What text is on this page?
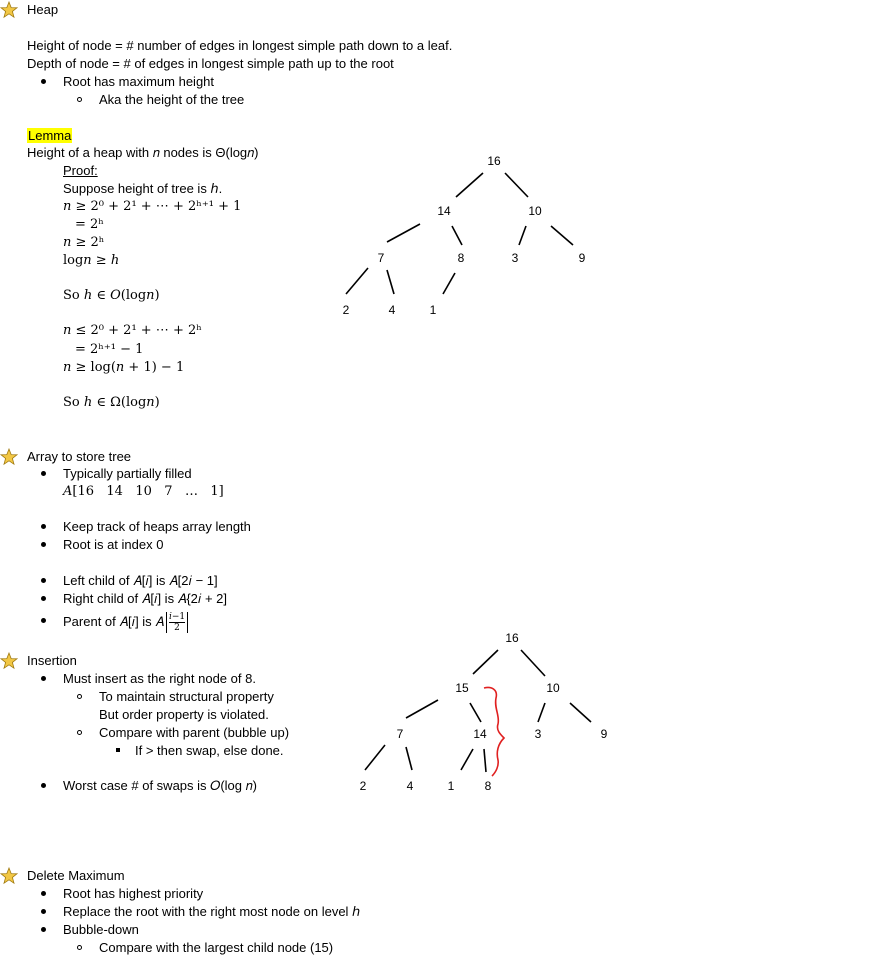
Heap
Height of node = # number of edges in longest simple path down to a leaf.
Depth of node = # of edges in longest simple path up to the root
Root has maximum height
Aka the height of the tree
Lemma
Height of a heap with 𝑛 nodes is Θ(log𝑛)
Proof:
Suppose height of tree is ℎ.
𝑛 ≥ 2⁰ + 2¹ + ⋯ + 2ʰ⁺¹ + 1
= 2ʰ
𝑛 ≥ 2ʰ
log𝑛 ≥ ℎ
So ℎ ∈ 𝑂(log𝑛)
𝑛 ≤ 2⁰ + 2¹ + ⋯ + 2ʰ
= 2ʰ⁺¹ − 1
𝑛 ≥ log(𝑛 + 1) − 1
So ℎ ∈ Ω(log𝑛)
16
14	10
7	8	3	9
2	4	1
Array to store tree
Typically partially filled
𝐴[16   14   10   7   …   1]
Keep track of heaps array length
Root is at index 0
Left child of 𝐴[𝑖] is 𝐴[2𝑖 − 1]
Right child of 𝐴[𝑖] is 𝐴{2𝑖 + 2]
Parent of 𝐴[𝑖] is 𝐴 𝑖−1
2
Insertion
Must insert as the right node of 8.
To maintain structural property
But order property is violated.
Compare with parent (bubble up)
If > then swap, else done.
Worst case # of swaps is 𝑂(log 𝑛)
16
15	10
7	14	3	9
2	4	1	8
Delete Maximum
Root has highest priority
Replace the root with the right most node on level ℎ
Bubble-down
Compare with the largest child node (15)
